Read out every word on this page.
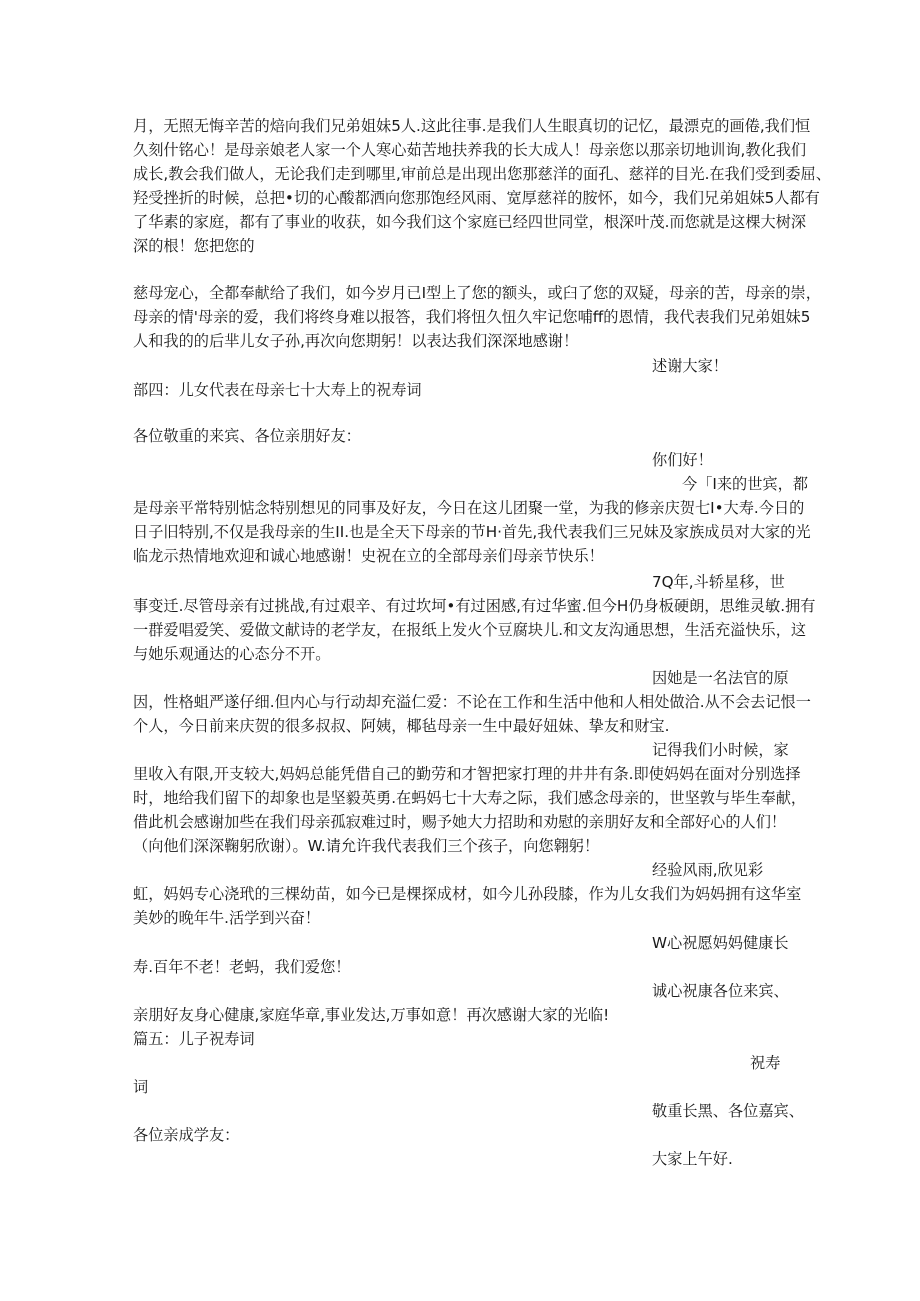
月，无照无悔辛苦的焙向我们兄弟姐妹5人.这此往事.是我们人生眼真切的记忆，最漂克的画倦,我们恒
久刻什铭心！是母亲娘老人家一个人寒心茹苦地扶养我的长大成人！母亲您以那亲切地训询,教化我们
成长,教会我们做人，无论我们走到哪里,审前总是出现出您那慈洋的面孔、慈祥的目光.在我们受到委屈、
羟受挫折的时候，总把•切的心酸都洒向您那饱经风雨、宽厚慈祥的胺怀，如今，我们兄弟姐妹5人都有
了华素的家庭，都有了事业的收获，如今我们这个家庭已经四世同堂，根深叶茂.而您就是这棵大树深
深的根！您把您的
慈母宠心，全都奉献给了我们，如今岁月已I型上了您的额头，或臼了您的双疑，母亲的苦，母亲的崇，
母亲的情'母亲的爱，我们将终身难以报答，我们将忸久忸久牢记您哺ff的恩情，我代表我们兄弟姐妹5
人和我的的后芈儿女子孙,再次向您期躬！以表达我们深深地感谢！
述谢大家！
部四：儿女代表在母亲七十大寿上的祝寿词
各位敬重的来宾、各位亲朋好友：
你们好！
今「I来的世宾，都
是母亲平常特别惦念特别想见的同事及好友，今日在这儿团聚一堂，为我的修亲庆贺七I•大寿.今日的
日子旧特别,不仅是我母亲的生II.也是全天下母亲的节H·首先,我代表我们三兄妹及家族成员对大家的光
临龙示热情地欢迎和诚心地感谢！史祝在立的全部母亲们母亲节快乐！
7Q年,斗轿星移，世
事变迁.尽管母亲有过挑战,有过艰辛、有过坎坷•有过困感,有过华蜜.但今H仍身板硬朗，思维灵敏.拥有
一群爱唱爱笑、爱做文献诗的老学友，在报纸上发火个豆腐块儿.和文友沟通思想，生活充溢快乐，这
与她乐观通达的心态分不开。
因她是一名法官的原
因，性格蛆严遂仔细.但内心与行动却充溢仁爱：不论在工作和生活中他和人相处做洽.从不会去记恨一
个人，今日前来庆贺的很多叔叔、阿姨，椰毡母亲一生中最好妞妹、挚友和财宝.
记得我们小时候，家
里收入有限,开支较大,妈妈总能凭借自己的勤劳和才智把家打理的井井有条.即使妈妈在面对分别选择
时，地给我们留下的却象也是坚毅英勇.在蚂妈七十大寿之际，我们感念母亲的，世坚敦与毕生奉献，
借此机会感谢加些在我们母亲孤寂难过时，赐予她大力招助和劝慰的亲朋好友和全部好心的人们！
（向他们深深鞠躬欣谢）。W.请允许我代表我们三个孩子，向您翱躬！
经验风雨,欣见彩
虹，妈妈专心浇玳的三棵幼苗，如今已是棵探成材，如今儿孙段膝，作为儿女我们为妈妈拥有这华室
美妙的晚年牛.活学到兴奋！
W心祝愿妈妈健康长
寿.百年不老！老蚂，我们爱您！
诚心祝康各位来宾、
亲朋好友身心健康,家庭华章,事业发达,万事如意！再次感谢大家的光临!
篇五：儿子祝寿词
祝寿
词
敬重长黑、各位嘉宾、
各位亲成学友：
大家上午好.
